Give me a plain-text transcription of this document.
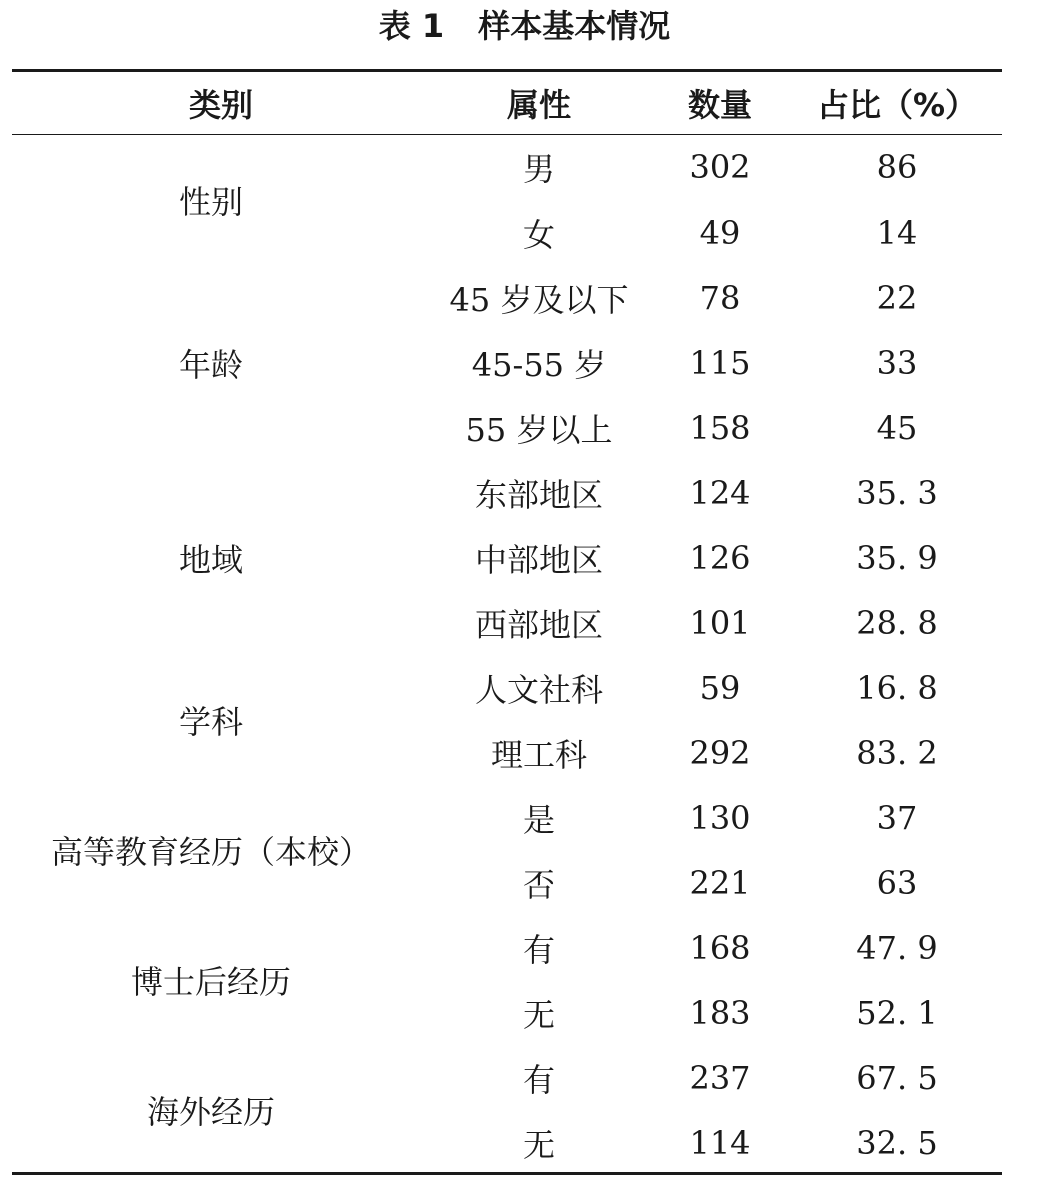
表 1 样本基本情况
类别	属性	数量	占比（%）
性别	男	302	86
	女	49	14
年龄	45 岁及以下	78	22
	45-55 岁	115	33
	55 岁以上	158	45
地域	东部地区	124	35. 3
	中部地区	126	35. 9
	西部地区	101	28. 8
学科	人文社科	59	16. 8
	理工科	292	83. 2
高等教育经历（本校）	是	130	37
	否	221	63
博士后经历	有	168	47. 9
	无	183	52. 1
海外经历	有	237	67. 5
	无	114	32. 5
